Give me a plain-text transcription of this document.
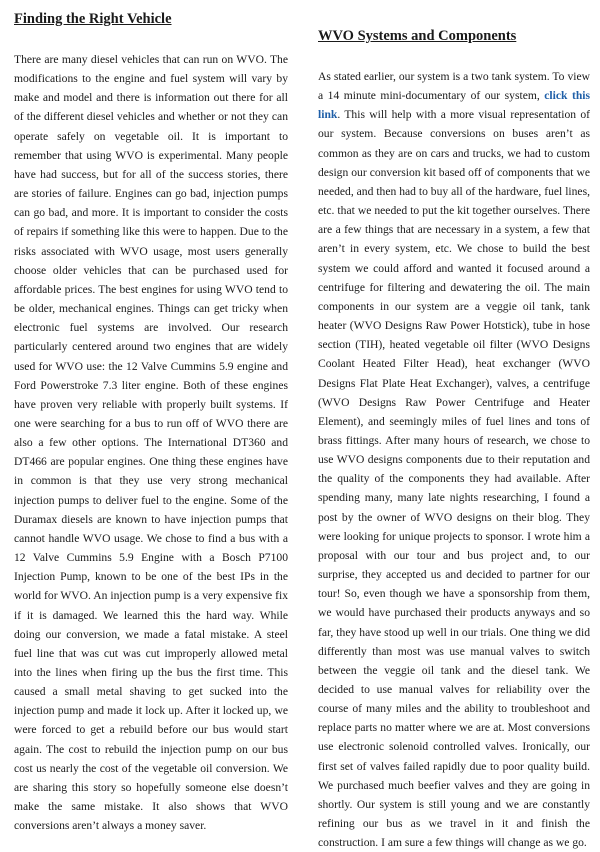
Finding the Right Vehicle

There are many diesel vehicles that can run on WVO. The modifications to the engine and fuel system will vary by make and model and there is information out there for all of the different diesel vehicles and whether or not they can operate safely on vegetable oil. It is important to remember that using WVO is experimental. Many people have had success, but for all of the success stories, there are stories of failure. Engines can go bad, injection pumps can go bad, and more. It is important to consider the costs of repairs if something like this were to happen. Due to the risks associated with WVO usage, most users generally choose older vehicles that can be purchased used for affordable prices. The best engines for using WVO tend to be older, mechanical engines. Things can get tricky when electronic fuel systems are involved. Our research particularly centered around two engines that are widely used for WVO use: the 12 Valve Cummins 5.9 engine and Ford Powerstroke 7.3 liter engine. Both of these engines have proven very reliable with properly built systems. If one were searching for a bus to run off of WVO there are also a few other options. The International DT360 and DT466 are popular engines. One thing these engines have in common is that they use very strong mechanical injection pumps to deliver fuel to the engine. Some of the Duramax diesels are known to have injection pumps that cannot handle WVO usage. We chose to find a bus with a 12 Valve Cummins 5.9 Engine with a Bosch P7100 Injection Pump, known to be one of the best IPs in the world for WVO. An injection pump is a very expensive fix if it is damaged. We learned this the hard way. While doing our conversion, we made a fatal mistake. A steel fuel line that was cut was cut improperly allowed metal into the lines when firing up the bus the first time. This caused a small metal shaving to get sucked into the injection pump and made it lock up. After it locked up, we were forced to get a rebuild before our bus would start again. The cost to rebuild the injection pump on our bus cost us nearly the cost of the vegetable oil conversion. We are sharing this story so hopefully someone else doesn’t make the same mistake. It also shows that WVO conversions aren’t always a money saver.

WVO Systems and Components

As stated earlier, our system is a two tank system. To view a 14 minute mini-documentary of our system, click this link. This will help with a more visual representation of our system. Because conversions on buses aren’t as common as they are on cars and trucks, we had to custom design our conversion kit based off of components that we needed, and then had to buy all of the hardware, fuel lines, etc. that we needed to put the kit together ourselves. There are a few things that are necessary in a system, a few that aren’t in every system, etc. We chose to build the best system we could afford and wanted it focused around a centrifuge for filtering and dewatering the oil. The main components in our system are a veggie oil tank, tank heater (WVO Designs Raw Power Hotstick), tube in hose section (TIH), heated vegetable oil filter (WVO Designs Coolant Heated Filter Head), heat exchanger (WVO Designs Flat Plate Heat Exchanger), valves, a centrifuge (WVO Designs Raw Power Centrifuge and Heater Element), and seemingly miles of fuel lines and tons of brass fittings. After many hours of research, we chose to use WVO designs components due to their reputation and the quality of the components they had available. After spending many, many late nights researching, I found a post by the owner of WVO designs on their blog. They were looking for unique projects to sponsor. I wrote him a proposal with our tour and bus project and, to our surprise, they accepted us and decided to partner for our tour! So, even though we have a sponsorship from them, we would have purchased their products anyways and so far, they have stood up well in our trials. One thing we did differently than most was use manual valves to switch between the veggie oil tank and the diesel tank. We decided to use manual valves for reliability over the course of many miles and the ability to troubleshoot and replace parts no matter where we are at. Most conversions use electronic solenoid controlled valves. Ironically, our first set of valves failed rapidly due to poor quality build. We purchased much beefier valves and they are going in shortly. Our system is still young and we are constantly refining our bus as we travel in it and finish the construction. I am sure a few things will change as we go.
